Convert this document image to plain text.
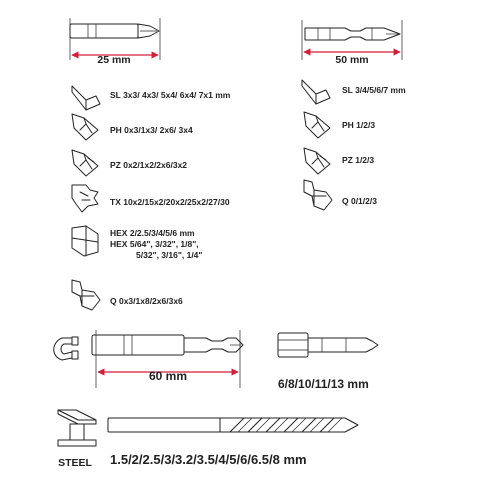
25 mm	50 mm
SL 3x3/ 4x3/ 5x4/ 6x4/ 7x1 mm
PH 0x3/1x3/ 2x6/ 3x4
PZ 0x2/1x2/2x6/3x2
TX 10x2/15x2/20x2/25x2/27/30
HEX 2/2.5/3/4/5/6 mm
HEX 5/64", 3/32", 1/8",
5/32", 3/16", 1/4"
Q 0x3/1x8/2x6/3x6
SL 3/4/5/6/7 mm
PH 1/2/3
PZ 1/2/3
Q 0/1/2/3
60 mm
6/8/10/11/13 mm
STEEL 1.5/2/2.5/3/3.2/3.5/4/5/6/6.5/8 mm
